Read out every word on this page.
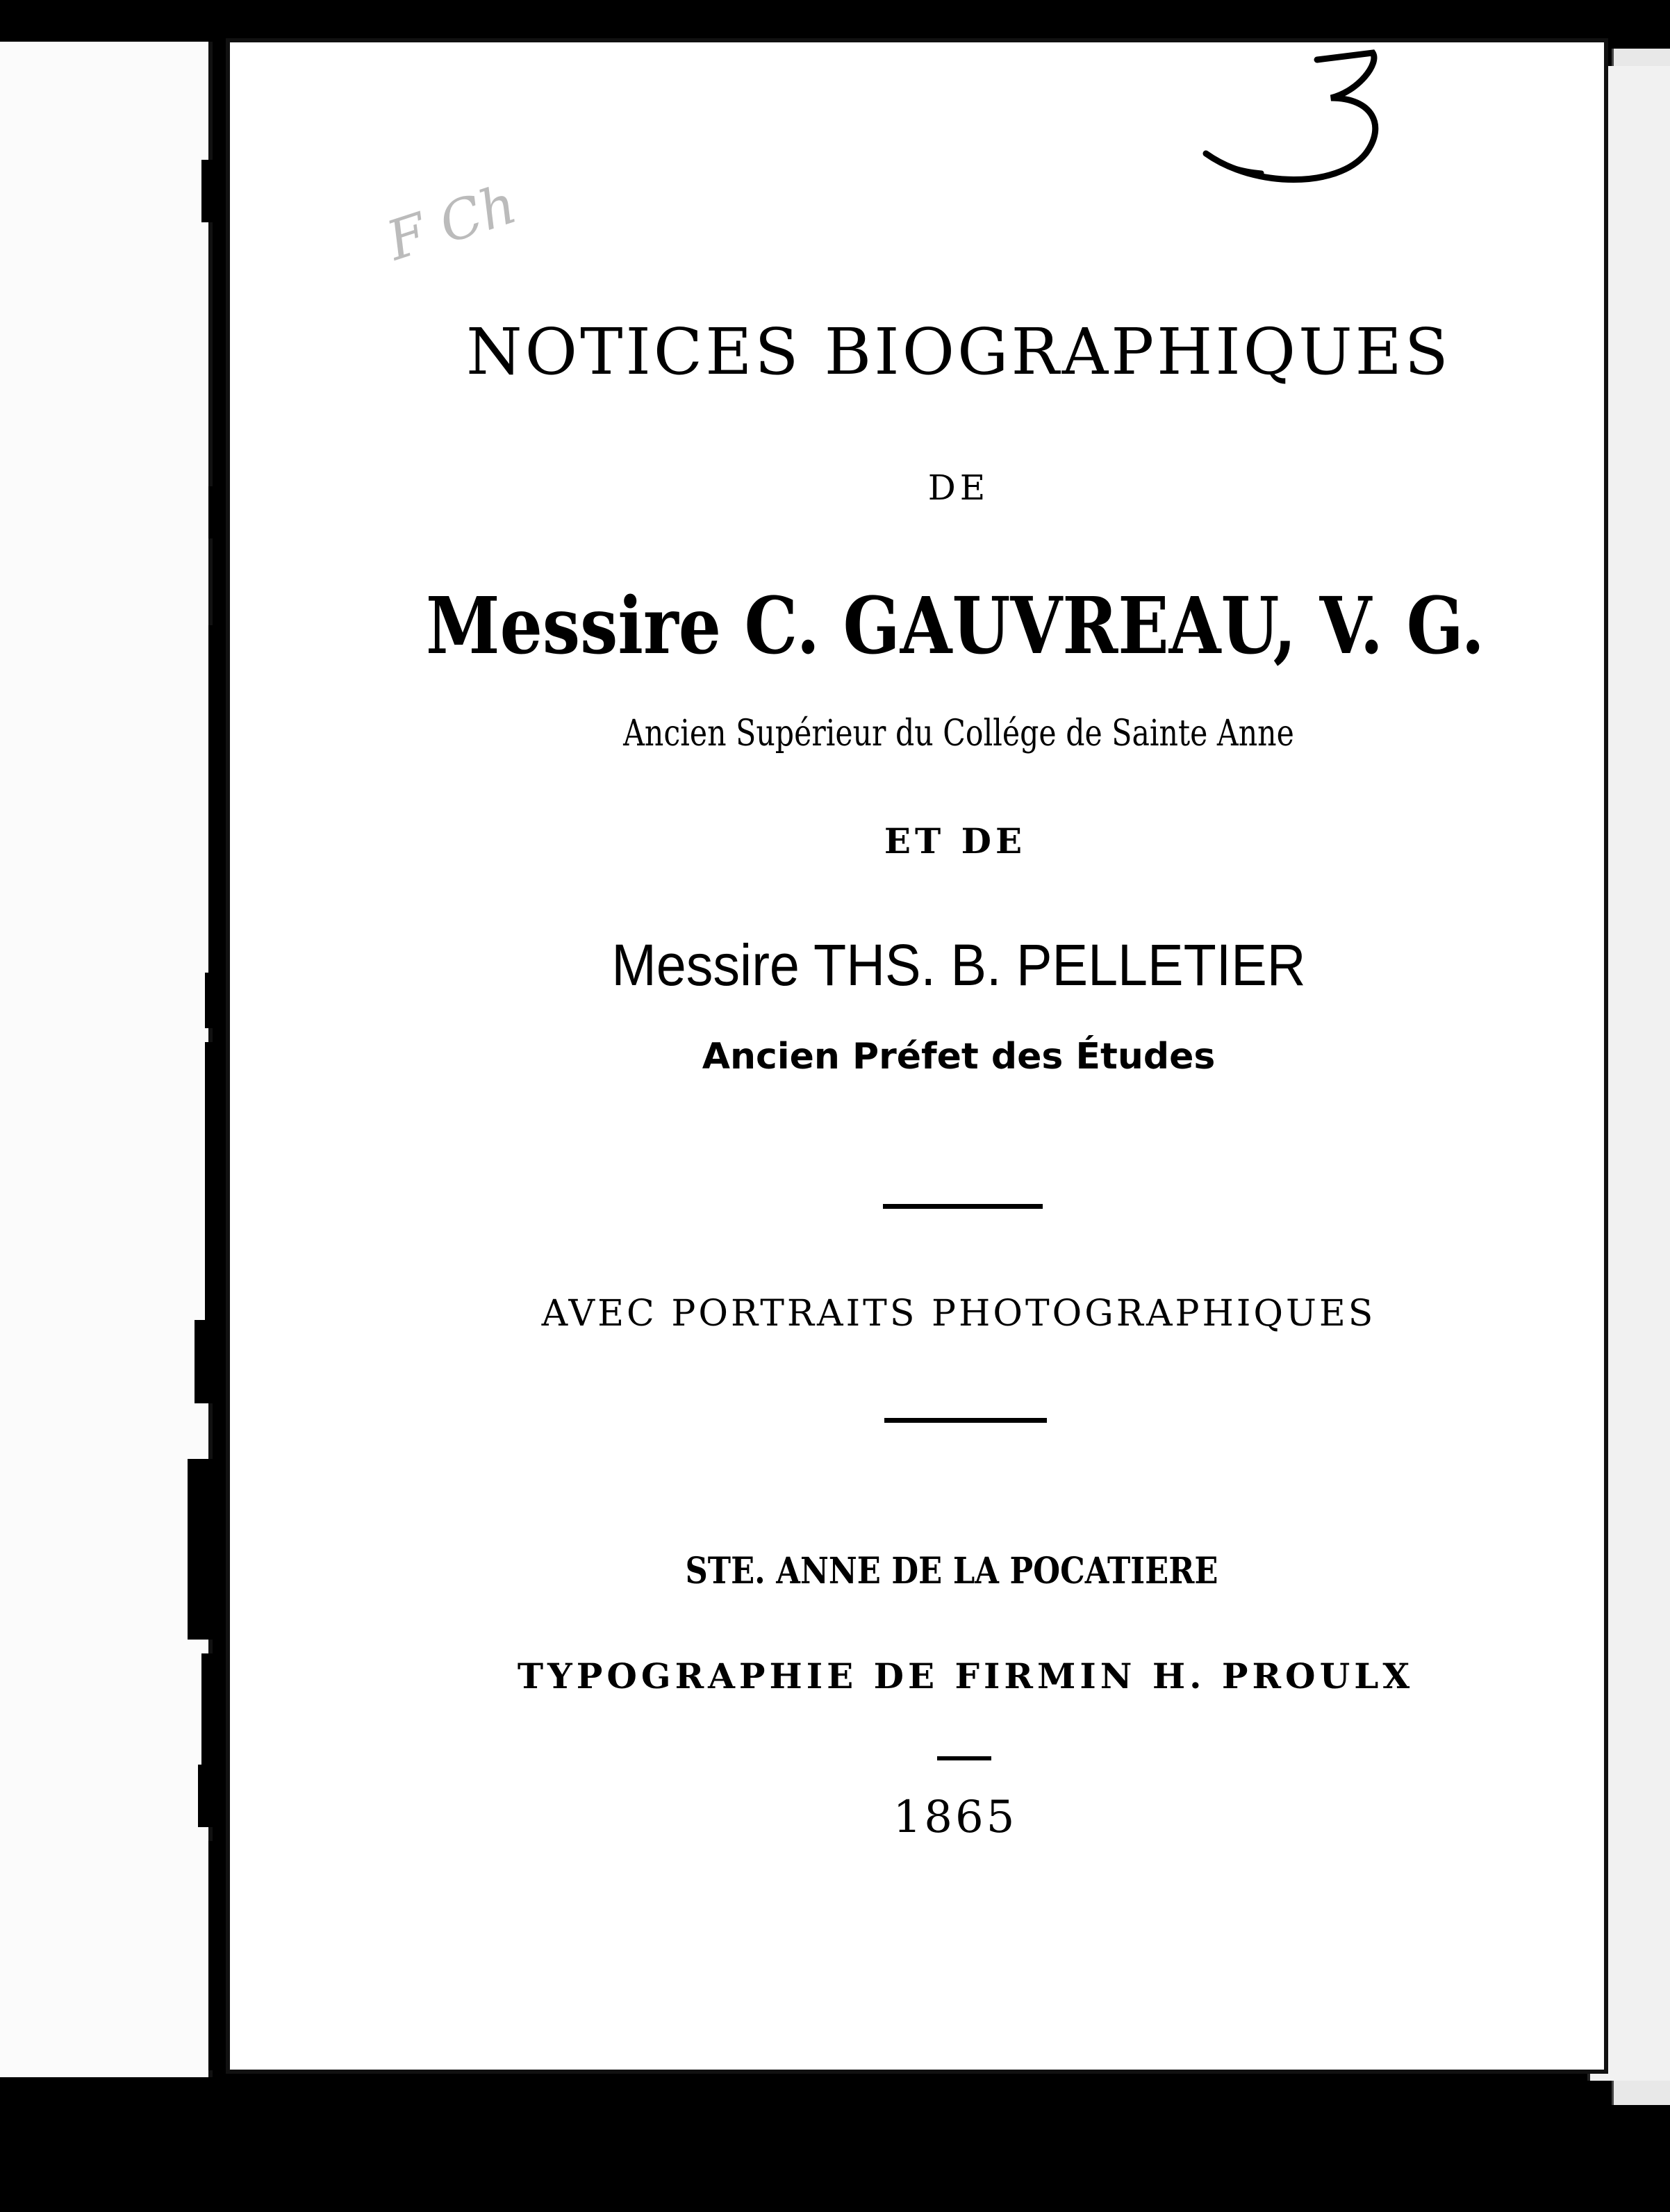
F Ch
NOTICES BIOGRAPHIQUES
DE
Messire C. GAUVREAU, V. G.
Ancien Supérieur du Collége de Sainte Anne
ET DE
Messire THS. B. PELLETIER
Ancien Préfet des Études
AVEC PORTRAITS PHOTOGRAPHIQUES
STE. ANNE DE LA POCATIERE
TYPOGRAPHIE DE FIRMIN H. PROULX
1865
